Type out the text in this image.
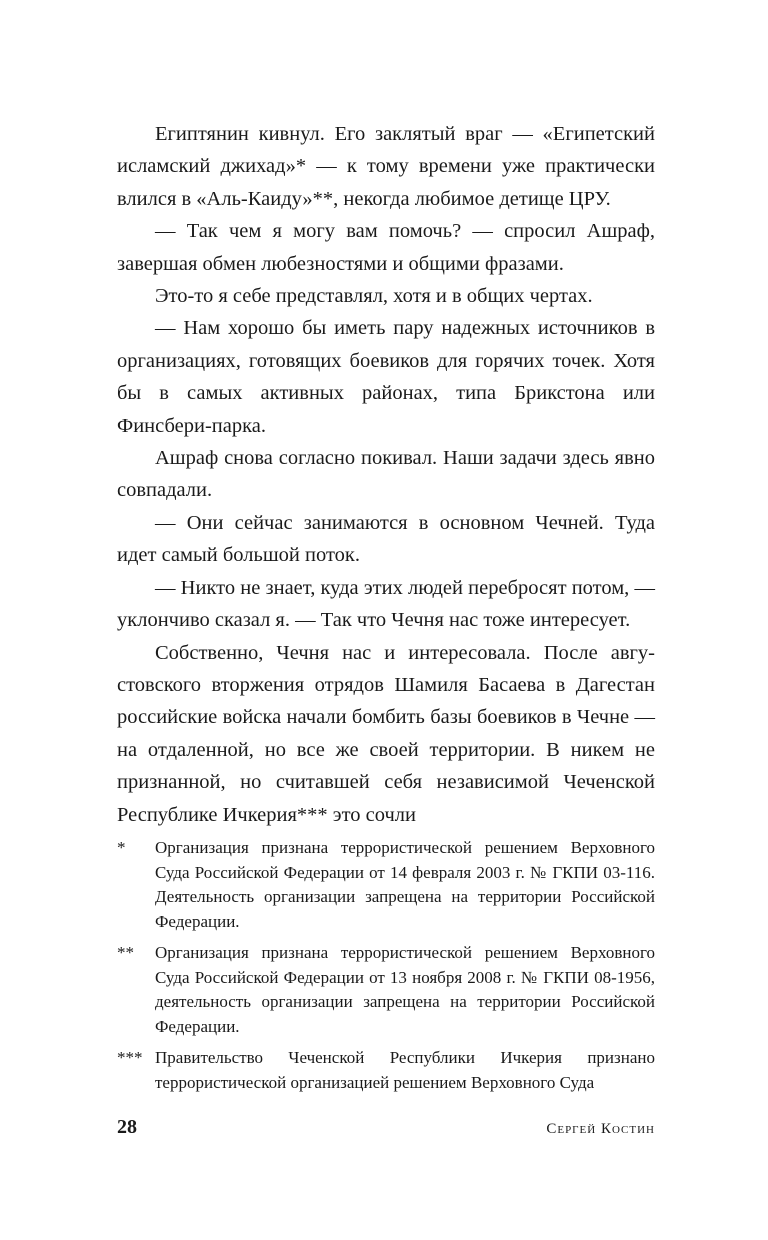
Египтянин кивнул. Его заклятый враг — «Египетский исламский джихад»* — к тому времени уже практически влился в «Аль-Каиду»**, некогда любимое детище ЦРУ.

— Так чем я могу вам помочь? — спросил Ашраф, завершая обмен любезностями и общими фразами.

Это-то я себе представлял, хотя и в общих чертах.

— Нам хорошо бы иметь пару надежных источников в организациях, готовящих боевиков для горячих точек. Хотя бы в самых активных районах, типа Брикстона или Финсбери-парка.

Ашраф снова согласно покивал. Наши задачи здесь явно совпадали.

— Они сейчас занимаются в основном Чечней. Туда идет самый большой поток.

— Никто не знает, куда этих людей перебросят потом, — уклончиво сказал я. — Так что Чечня нас тоже интересует.

Собственно, Чечня нас и интересовала. После августовского вторжения отрядов Шамиля Басаева в Дагестан российские войска начали бомбить базы боевиков в Чечне — на отдаленной, но все же своей территории. В никем не признанной, но считавшей себя независимой Чеченской Республике Ичкерия*** это сочли

*	Организация признана террористической решением Верховного Суда Российской Федерации от 14 февраля 2003 г. № ГКПИ 03-116. Деятельность организации запрещена на территории Российской Федерации.
**	Организация признана террористической решением Верховного Суда Российской Федерации от 13 ноября 2008 г. № ГКПИ 08-1956, деятельность организации запрещена на территории Российской Федерации.
*** Правительство Чеченской Республики Ичкерия признано террористической организацией решением Верховного Суда
28	Сергей Костин
